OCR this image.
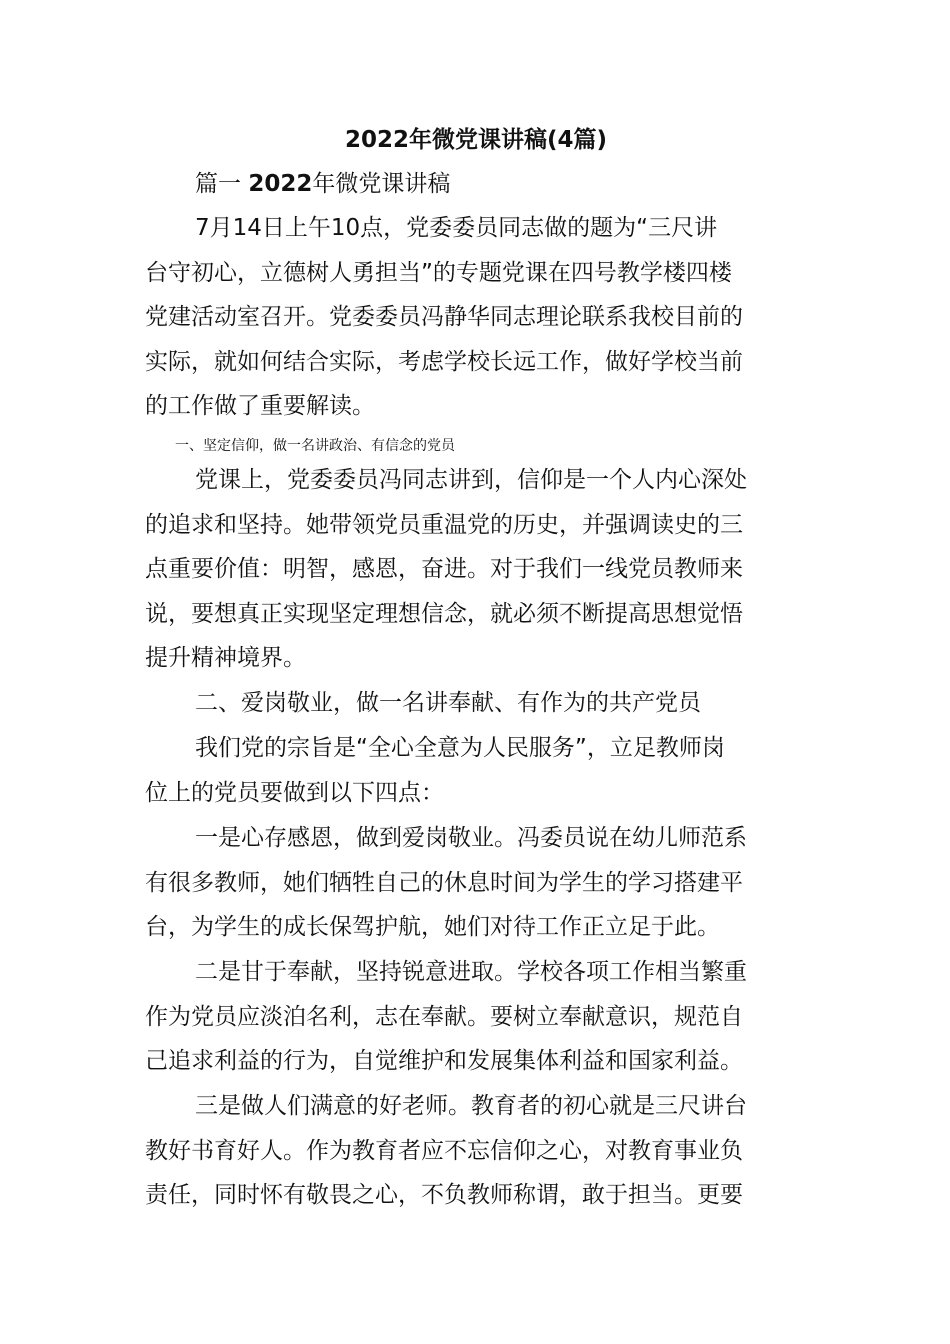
2022年微党课讲稿(4篇)
篇一 2022年微党课讲稿
7月14日上午10点，党委委员同志做的题为“三尺讲
台守初心，立德树人勇担当”的专题党课在四号教学楼四楼
党建活动室召开。党委委员冯静华同志理论联系我校目前的
实际，就如何结合实际，考虑学校长远工作，做好学校当前
的工作做了重要解读。
一、坚定信仰，做一名讲政治、有信念的党员
党课上，党委委员冯同志讲到，信仰是一个人内心深处
的追求和坚持。她带领党员重温党的历史，并强调读史的三
点重要价值：明智，感恩，奋进。对于我们一线党员教师来
说，要想真正实现坚定理想信念，就必须不断提高思想觉悟
提升精神境界。
二、爱岗敬业，做一名讲奉献、有作为的共产党员
我们党的宗旨是“全心全意为人民服务”，立足教师岗
位上的党员要做到以下四点：
一是心存感恩，做到爱岗敬业。冯委员说在幼儿师范系
有很多教师，她们牺牲自己的休息时间为学生的学习搭建平
台，为学生的成长保驾护航，她们对待工作正立足于此。
二是甘于奉献，坚持锐意进取。学校各项工作相当繁重
作为党员应淡泊名利，志在奉献。要树立奉献意识，规范自
己追求利益的行为，自觉维护和发展集体利益和国家利益。
三是做人们满意的好老师。教育者的初心就是三尺讲台
教好书育好人。作为教育者应不忘信仰之心，对教育事业负
责任，同时怀有敬畏之心，不负教师称谓，敢于担当。更要
